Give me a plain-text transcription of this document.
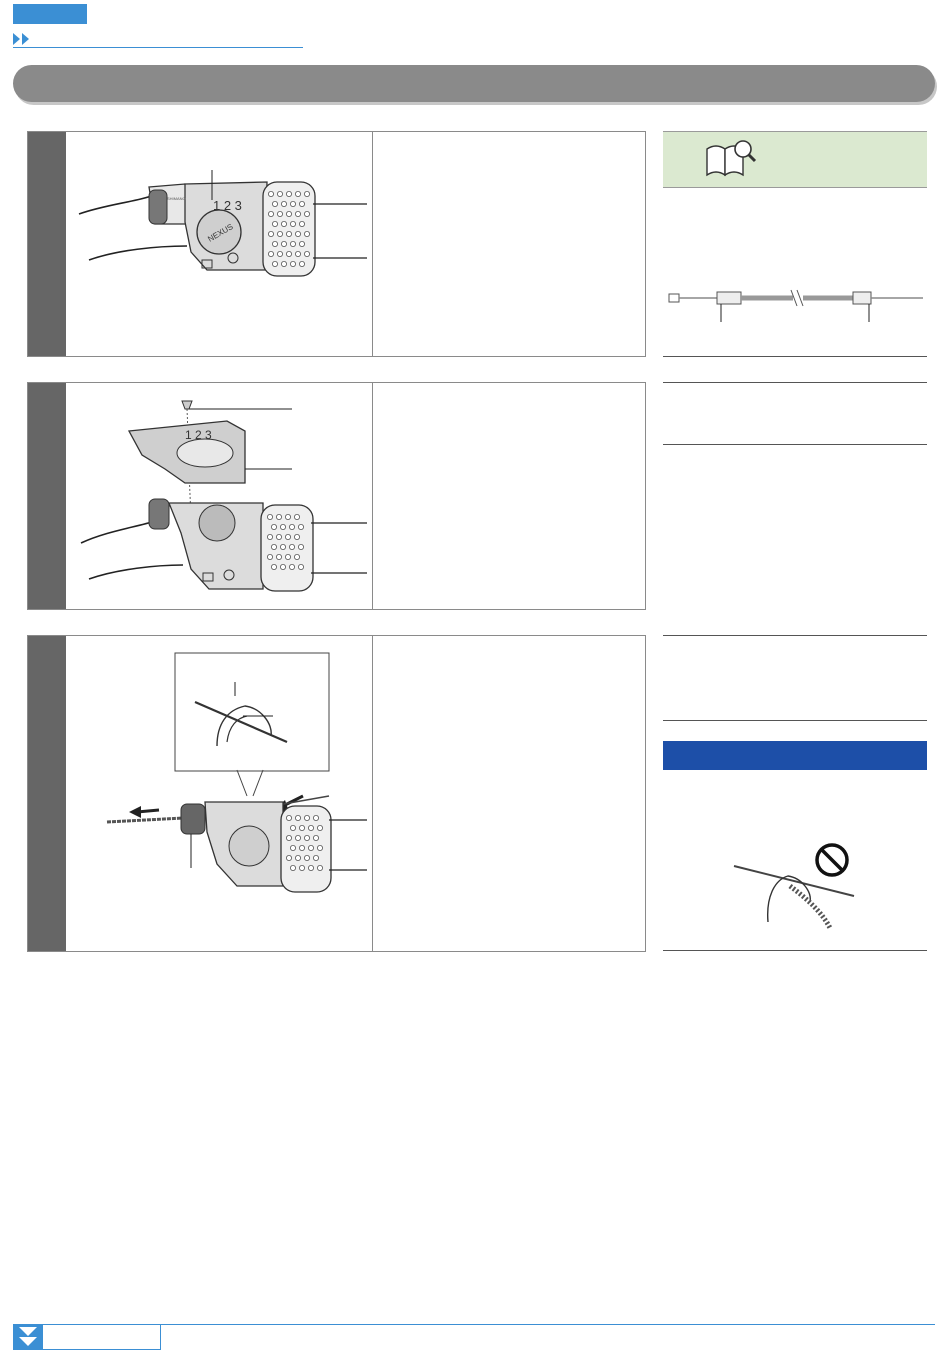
NEXUS
1 2 3
SHIMANO
1 2 3
